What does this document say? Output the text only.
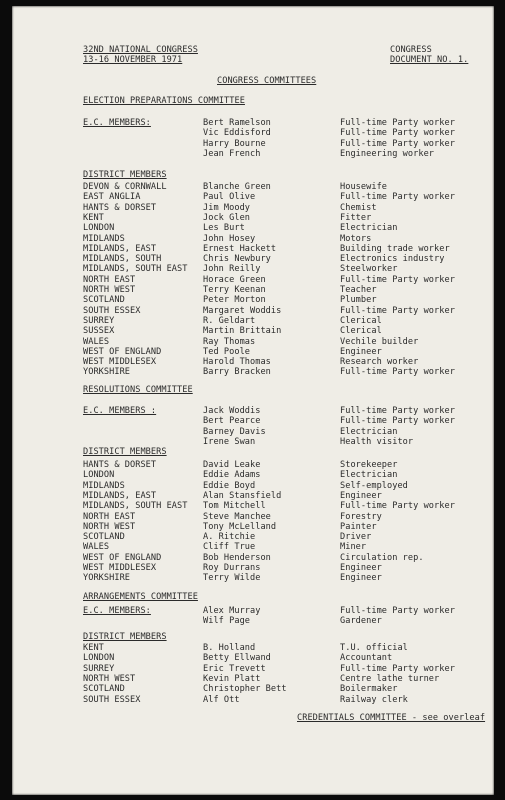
32ND NATIONAL CONGRESS
13-16 NOVEMBER 1971
CONGRESS
DOCUMENT NO. 1.
CONGRESS COMMITTEES
CREDENTIALS COMMITTEE - see overleaf
ELECTION PREPARATIONS COMMITTEE
E.C. MEMBERS:	Bert Ramelson	Full-time Party worker
Vic Eddisford	Full-time Party worker
Harry Bourne	Full-time Party worker
Jean French	Engineering worker
DISTRICT MEMBERS
DEVON & CORNWALL	Blanche Green	Housewife
EAST ANGLIA	Paul Olive	Full-time Party worker
HANTS & DORSET	Jim Moody	Chemist
KENT	Jock Glen	Fitter
LONDON	Les Burt	Electrician
MIDLANDS	John Hosey	Motors
MIDLANDS, EAST	Ernest Hackett	Building trade worker
MIDLANDS, SOUTH	Chris Newbury	Electronics industry
MIDLANDS, SOUTH EAST John Reilly	Steelworker
NORTH EAST	Horace Green	Full-time Party worker
NORTH WEST	Terry Keenan	Teacher
SCOTLAND	Peter Morton	Plumber
SOUTH ESSEX	Margaret Woddis	Full-time Party worker
SURREY	R. Geldart	Clerical
SUSSEX	Martin Brittain	Clerical
WALES	Ray Thomas	Vechile builder
WEST OF ENGLAND	Ted Poole	Engineer
WEST MIDDLESEX	Harold Thomas	Research worker
YORKSHIRE	Barry Bracken	Full-time Party worker
RESOLUTIONS COMMITTEE
E.C. MEMBERS :	Jack Woddis	Full-time Party worker
Bert Pearce	Full-time Party worker
Barney Davis	Electrician
Irene Swan	Health visitor
DISTRICT MEMBERS
HANTS & DORSET	David Leake	Storekeeper
LONDON	Eddie Adams	Electrician
MIDLANDS	Eddie Boyd	Self-employed
MIDLANDS, EAST	Alan Stansfield	Engineer
MIDLANDS, SOUTH EAST Tom Mitchell	Full-time Party worker
NORTH EAST	Steve Manchee	Forestry
NORTH WEST	Tony McLelland	Painter
SCOTLAND	A. Ritchie	Driver
WALES	Cliff True	Miner
WEST OF ENGLAND	Bob Henderson	Circulation rep.
WEST MIDDLESEX	Roy Durrans	Engineer
YORKSHIRE	Terry Wilde	Engineer
ARRANGEMENTS COMMITTEE
E.C. MEMBERS:	Alex Murray	Full-time Party worker
Wilf Page	Gardener
DISTRICT MEMBERS
KENT	B. Holland	T.U. official
LONDON	Betty Ellwand	Accountant
SURREY	Eric Trevett	Full-time Party worker
NORTH WEST	Kevin Platt	Centre lathe turner
SCOTLAND	Christopher Bett	Boilermaker
SOUTH ESSEX	Alf Ott	Railway clerk
